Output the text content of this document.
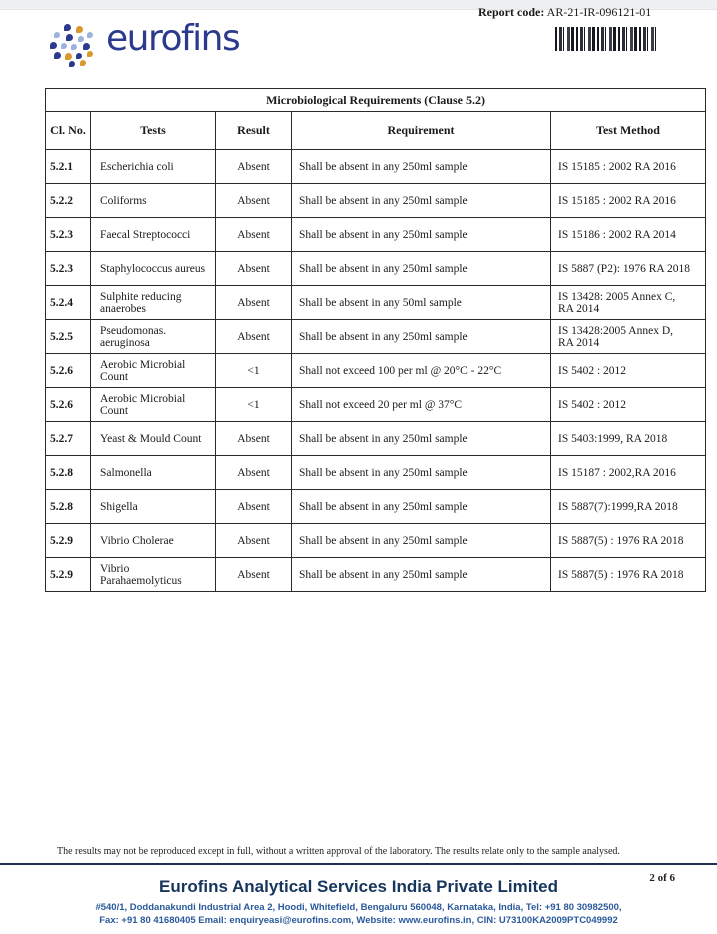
eurofins
Report code: AR-21-IR-096121-01
Microbiological Requirements (Clause 5.2)				
Cl. No.	Tests	Result	Requirement	Test Method
5.2.1	Escherichia coli	Absent	Shall be absent in any 250ml sample	IS 15185 : 2002 RA 2016
5.2.2	Coliforms	Absent	Shall be absent in any 250ml sample	IS 15185 : 2002 RA 2016
5.2.3	Faecal Streptococci	Absent	Shall be absent in any 250ml sample	IS 15186 : 2002 RA 2014
5.2.3	Staphylococcus aureus	Absent	Shall be absent in any 250ml sample	IS 5887 (P2): 1976 RA 2018
5.2.4	Sulphite reducing anaerobes	Absent	Shall be absent in any 50ml sample	IS 13428: 2005 Annex C, RA 2014
5.2.5	Pseudomonas. aeruginosa	Absent	Shall be absent in any 250ml sample	IS 13428:2005 Annex D, RA 2014
5.2.6	Aerobic Microbial Count	<1	Shall not exceed 100 per ml @ 20°C - 22°C	IS 5402 : 2012
5.2.6	Aerobic Microbial Count	<1	Shall not exceed 20 per ml @ 37°C	IS 5402 : 2012
5.2.7	Yeast & Mould Count	Absent	Shall be absent in any 250ml sample	IS 5403:1999, RA 2018
5.2.8	Salmonella	Absent	Shall be absent in any 250ml sample	IS 15187 : 2002,RA 2016
5.2.8	Shigella	Absent	Shall be absent in any 250ml sample	IS 5887(7):1999,RA 2018
5.2.9	Vibrio Cholerae	Absent	Shall be absent in any 250ml sample	IS 5887(5) : 1976 RA 2018
5.2.9	Vibrio Parahaemolyticus	Absent	Shall be absent in any 250ml sample	IS 5887(5) : 1976 RA 2018
The results may not be reproduced except in full, without a written approval of the laboratory. The results relate only to the sample analysed.
2 of 6
Eurofins Analytical Services India Private Limited
#540/1, Doddanakundi Industrial Area 2, Hoodi, Whitefield, Bengaluru 560048, Karnataka, India, Tel: +91 80 30982500,
Fax: +91 80 41680405 Email: enquiryeasi@eurofins.com, Website: www.eurofins.in, CIN: U73100KA2009PTC049992
